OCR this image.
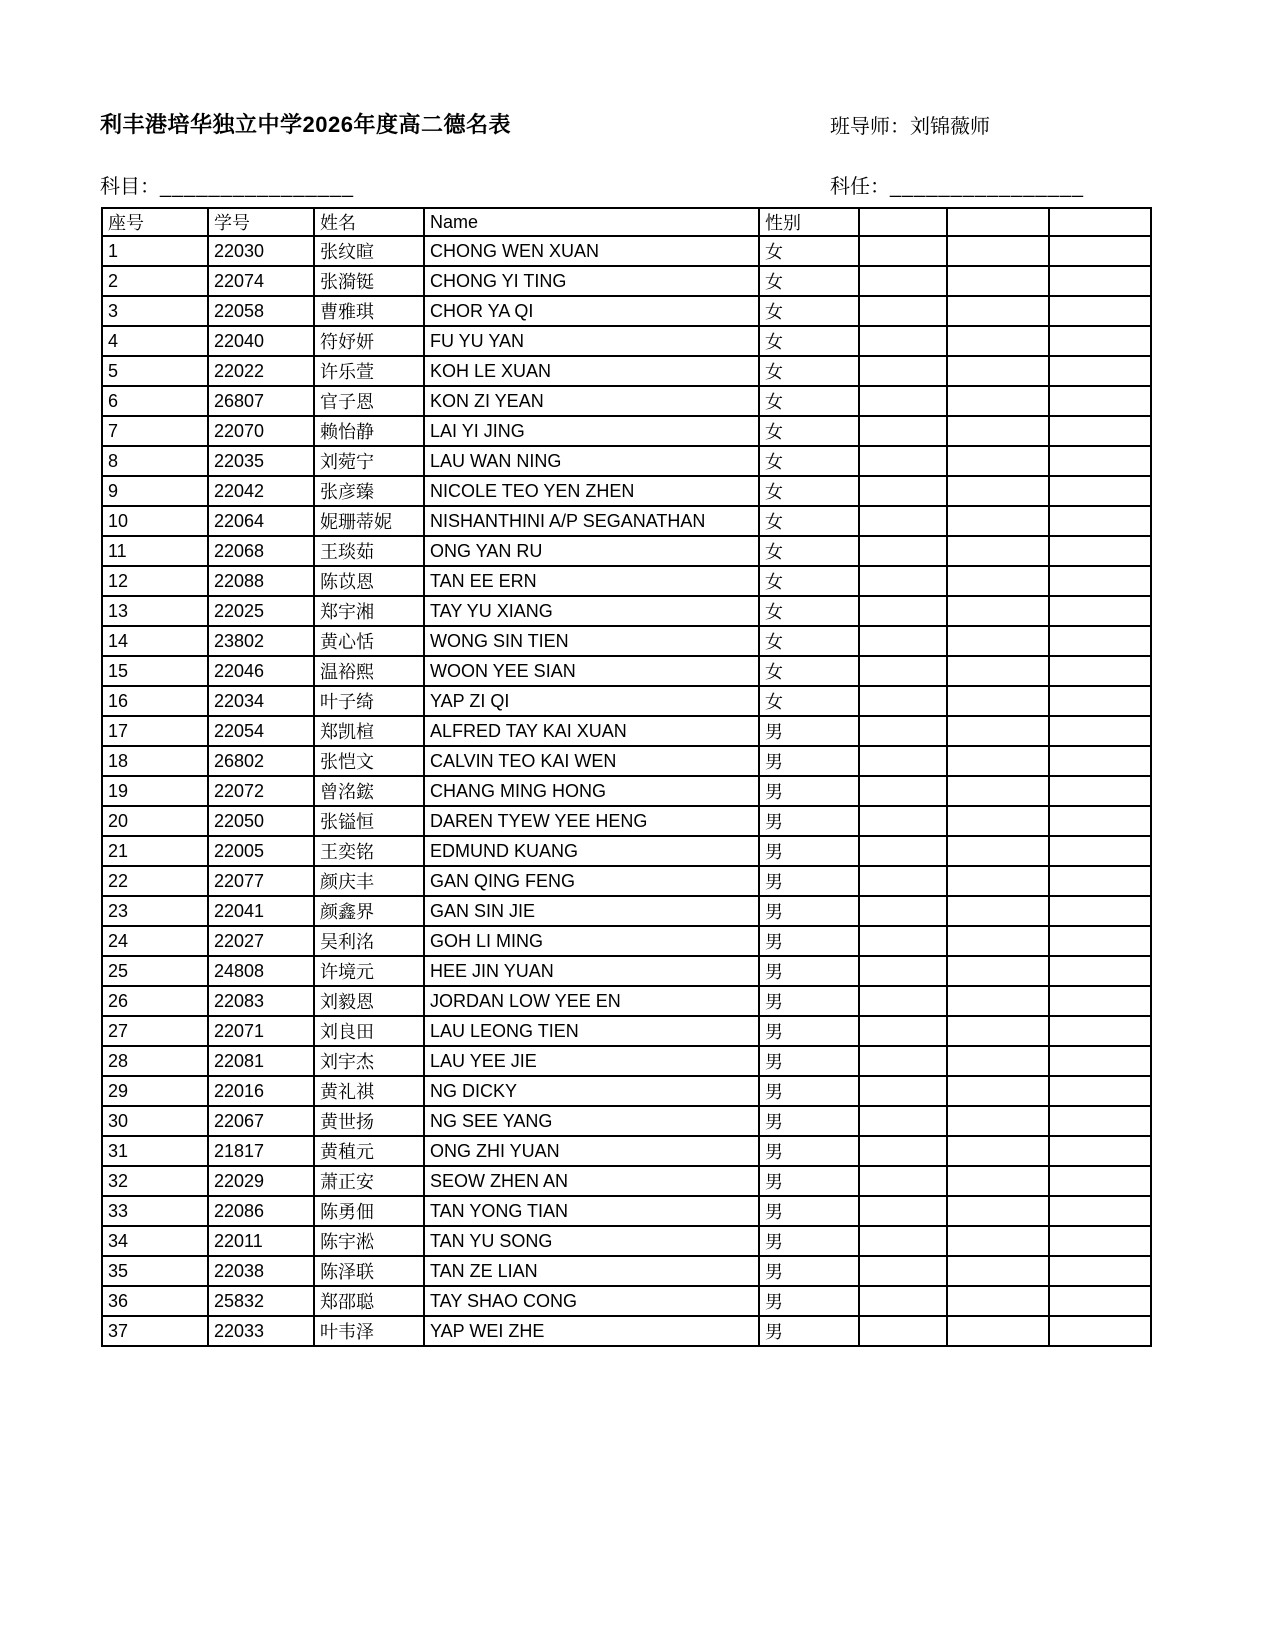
利丰港培华独立中学2026年度高二德名表	班导师：刘锦薇师
科目：________________	科任：________________
座号	学号	姓名	Name	性别			
1	22030	张纹暄	CHONG WEN XUAN	女			
2	22074	张漪铤	CHONG YI TING	女			
3	22058	曹雅琪	CHOR YA QI	女			
4	22040	符妤妍	FU YU YAN	女			
5	22022	许乐萱	KOH LE XUAN	女			
6	26807	官子恩	KON ZI YEAN	女			
7	22070	赖怡静	LAI YI JING	女			
8	22035	刘菀宁	LAU WAN NING	女			
9	22042	张彦臻	NICOLE TEO YEN ZHEN	女			
10	22064	妮珊蒂妮	NISHANTHINI A/P SEGANATHAN	女			
11	22068	王琰茹	ONG YAN RU	女			
12	22088	陈苡恩	TAN EE ERN	女			
13	22025	郑宇湘	TAY YU XIANG	女			
14	23802	黄心恬	WONG SIN TIEN	女			
15	22046	温裕熙	WOON YEE SIAN	女			
16	22034	叶子绮	YAP ZI QI	女			
17	22054	郑凯楦	ALFRED TAY KAI XUAN	男			
18	26802	张恺文	CALVIN TEO KAI WEN	男			
19	22072	曾洺鋐	CHANG MING HONG	男			
20	22050	张镒恒	DAREN TYEW YEE HENG	男			
21	22005	王奕铭	EDMUND KUANG	男			
22	22077	颜庆丰	GAN QING FENG	男			
23	22041	颜鑫界	GAN SIN JIE	男			
24	22027	吴利洺	GOH LI MING	男			
25	24808	许境元	HEE JIN YUAN	男			
26	22083	刘毅恩	JORDAN LOW YEE EN	男			
27	22071	刘良田	LAU LEONG TIEN	男			
28	22081	刘宇杰	LAU YEE JIE	男			
29	22016	黄礼祺	NG DICKY	男			
30	22067	黄世扬	NG SEE YANG	男			
31	21817	黄稙元	ONG ZHI YUAN	男			
32	22029	萧正安	SEOW ZHEN AN	男			
33	22086	陈勇佃	TAN YONG TIAN	男			
34	22011	陈宇淞	TAN YU SONG	男			
35	22038	陈泽联	TAN ZE LIAN	男			
36	25832	郑邵聪	TAY SHAO CONG	男			
37	22033	叶韦泽	YAP WEI ZHE	男			
